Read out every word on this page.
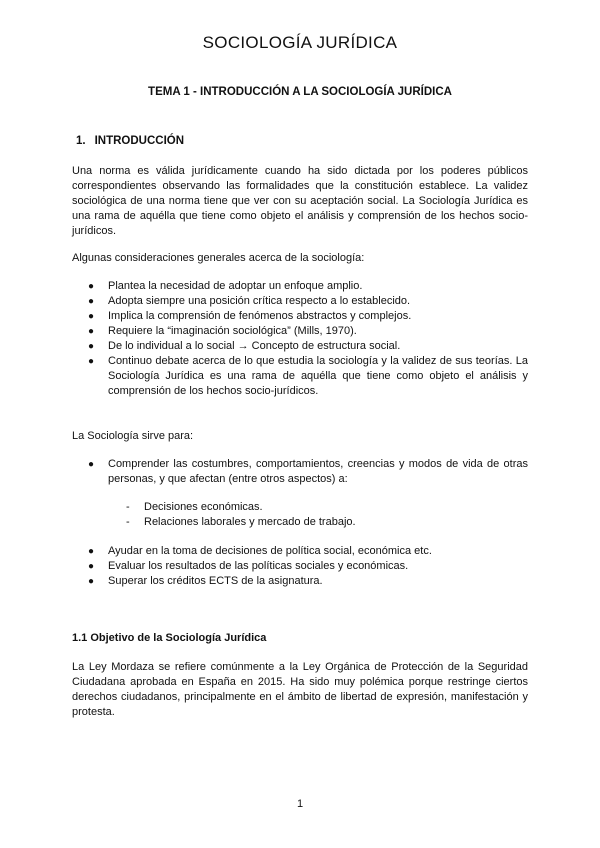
SOCIOLOGÍA JURÍDICA
TEMA 1 - INTRODUCCIÓN A LA SOCIOLOGÍA JURÍDICA
1. INTRODUCCIÓN
Una norma es válida jurídicamente cuando ha sido dictada por los poderes públicos correspondientes observando las formalidades que la constitución establece. La validez sociológica de una norma tiene que ver con su aceptación social. La Sociología Jurídica es una rama de aquélla que tiene como objeto el análisis y comprensión de los hechos socio-jurídicos.
Algunas consideraciones generales acerca de la sociología:
● Plantea la necesidad de adoptar un enfoque amplio.
● Adopta siempre una posición crítica respecto a lo establecido.
● Implica la comprensión de fenómenos abstractos y complejos.
● Requiere la “imaginación sociológica” (Mills, 1970).
● De lo individual a lo social → Concepto de estructura social.
● Continuo debate acerca de lo que estudia la sociología y la validez de sus teorías. La Sociología Jurídica es una rama de aquélla que tiene como objeto el análisis y comprensión de los hechos socio-jurídicos.
La Sociología sirve para:
● Comprender las costumbres, comportamientos, creencias y modos de vida de otras personas, y que afectan (entre otros aspectos) a:
- Decisiones económicas.
- Relaciones laborales y mercado de trabajo.
● Ayudar en la toma de decisiones de política social, económica etc.
● Evaluar los resultados de las políticas sociales y económicas.
● Superar los créditos ECTS de la asignatura.
1.1 Objetivo de la Sociología Jurídica
La Ley Mordaza se refiere comúnmente a la Ley Orgánica de Protección de la Seguridad Ciudadana aprobada en España en 2015. Ha sido muy polémica porque restringe ciertos derechos ciudadanos, principalmente en el ámbito de libertad de expresión, manifestación y protesta.
1
